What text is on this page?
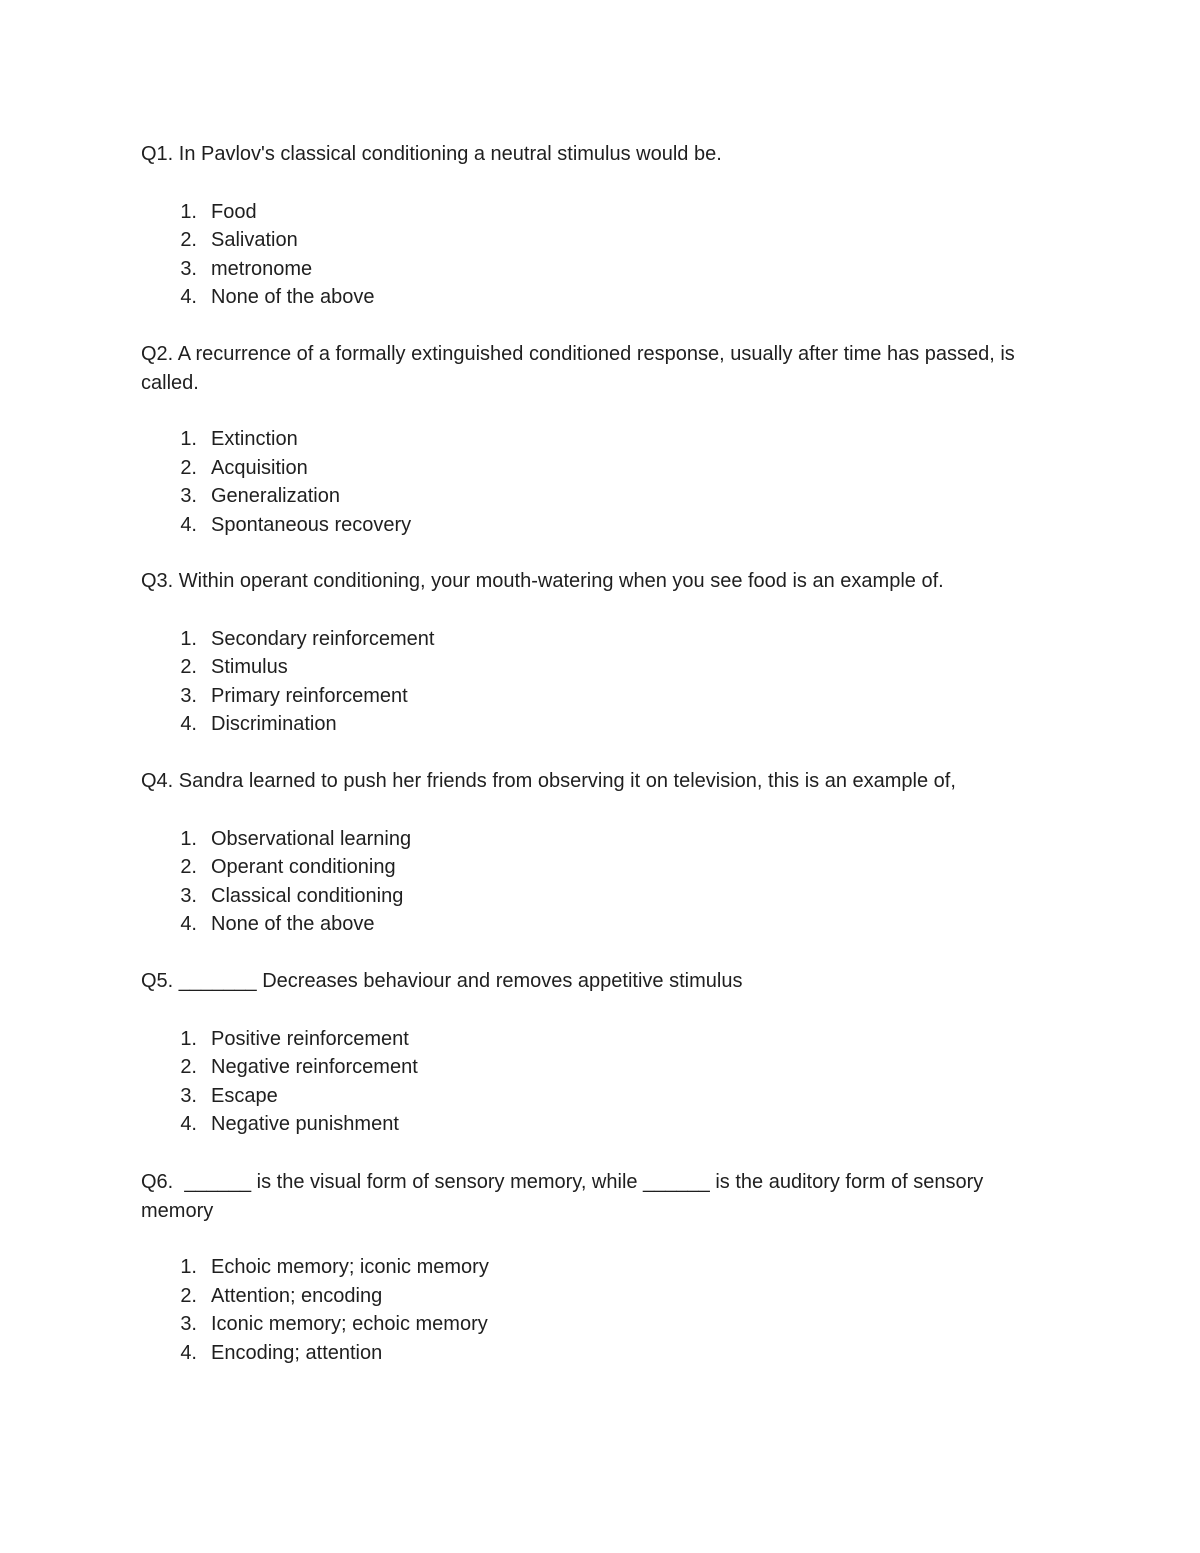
Q1. In Pavlov's classical conditioning a neutral stimulus would be.

1. Food
2. Salivation
3. metronome
4. None of the above

Q2. A recurrence of a formally extinguished conditioned response, usually after time has passed, is called.

1. Extinction
2. Acquisition
3. Generalization
4. Spontaneous recovery

Q3. Within operant conditioning, your mouth-watering when you see food is an example of.

1. Secondary reinforcement
2. Stimulus
3. Primary reinforcement
4. Discrimination

Q4. Sandra learned to push her friends from observing it on television, this is an example of,

1. Observational learning
2. Operant conditioning
3. Classical conditioning
4. None of the above

Q5. _______ Decreases behaviour and removes appetitive stimulus

1. Positive reinforcement
2. Negative reinforcement
3. Escape
4. Negative punishment

Q6.  ______ is the visual form of sensory memory, while ______ is the auditory form of sensory memory

1. Echoic memory; iconic memory
2. Attention; encoding
3. Iconic memory; echoic memory
4. Encoding; attention
